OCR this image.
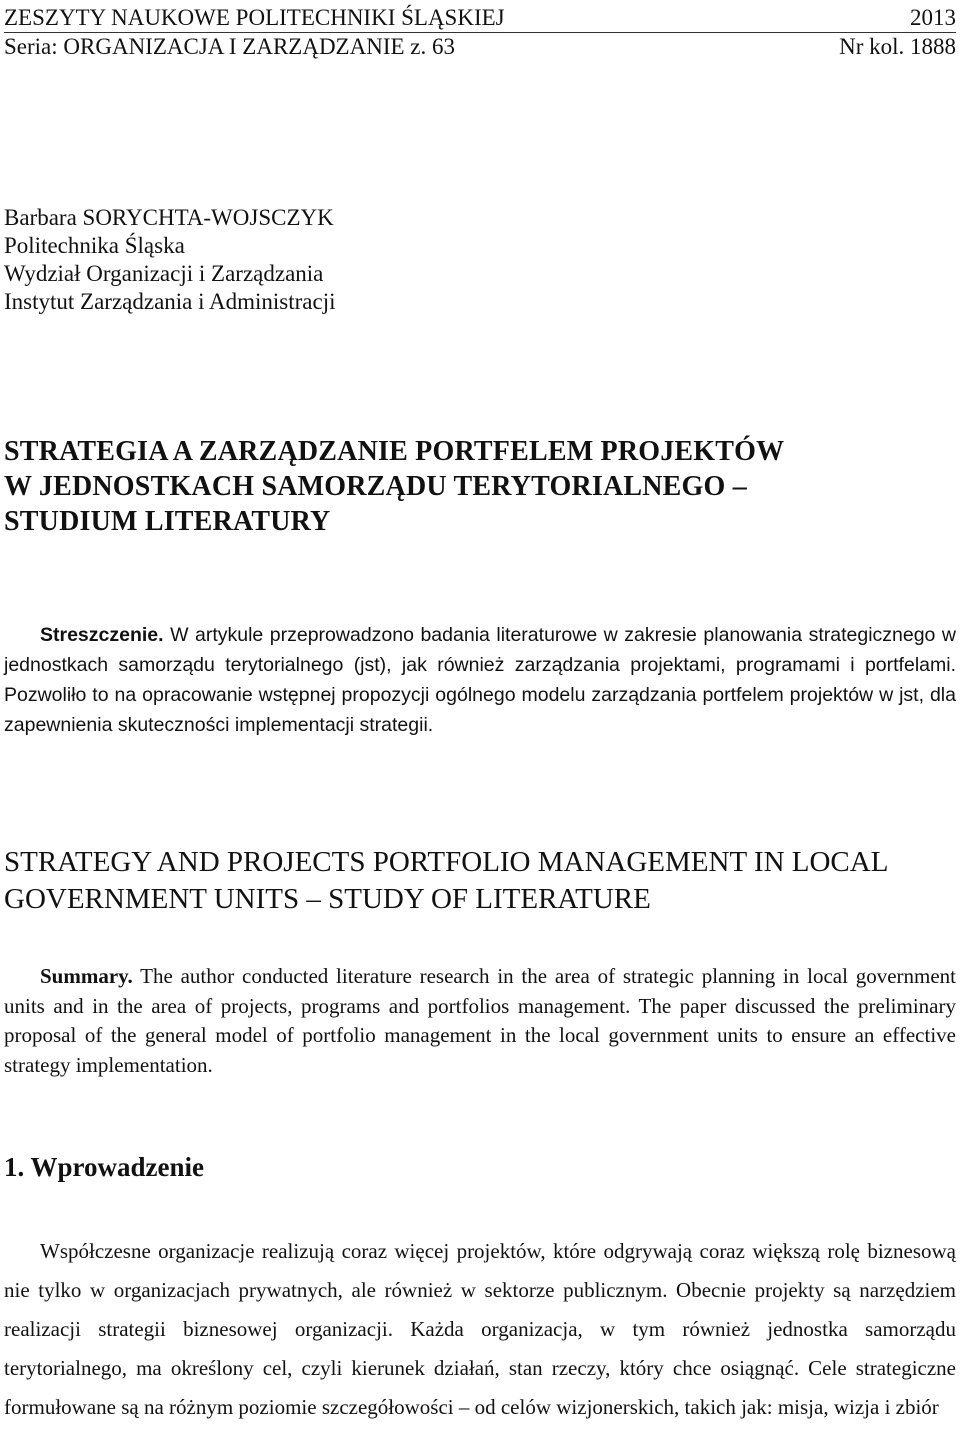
ZESZYTY NAUKOWE POLITECHNIKI ŚLĄSKIEJ	2013
Seria: ORGANIZACJA I ZARZĄDZANIE z. 63	Nr kol. 1888
Barbara SORYCHTA-WOJSCZYK
Politechnika Śląska
Wydział Organizacji i Zarządzania
Instytut Zarządzania i Administracji
STRATEGIA A ZARZĄDZANIE PORTFELEM PROJEKTÓW
W JEDNOSTKACH SAMORZĄDU TERYTORIALNEGO –
STUDIUM LITERATURY

Streszczenie. W artykule przeprowadzono badania literaturowe w zakresie planowania strategicznego w jednostkach samorządu terytorialnego (jst), jak również zarządzania projektami, programami i portfelami. Pozwoliło to na opracowanie wstępnej propozycji ogólnego modelu zarządzania portfelem projektów w jst, dla zapewnienia skuteczności implementacji strategii.

STRATEGY AND PROJECTS PORTFOLIO MANAGEMENT IN LOCAL
GOVERNMENT UNITS – STUDY OF LITERATURE

Summary. The author conducted literature research in the area of strategic planning in local government units and in the area of projects, programs and portfolios management. The paper discussed the preliminary proposal of the general model of portfolio management in the local government units to ensure an effective strategy implementation.

1. Wprowadzenie

Współczesne organizacje realizują coraz więcej projektów, które odgrywają coraz większą rolę biznesową nie tylko w organizacjach prywatnych, ale również w sektorze publicznym. Obecnie projekty są narzędziem realizacji strategii biznesowej organizacji. Każda organizacja, w tym również jednostka samorządu terytorialnego, ma określony cel, czyli kierunek działań, stan rzeczy, który chce osiągnąć. Cele strategiczne formułowane są na różnym poziomie szczegółowości – od celów wizjonerskich, takich jak: misja, wizja i zbiór
